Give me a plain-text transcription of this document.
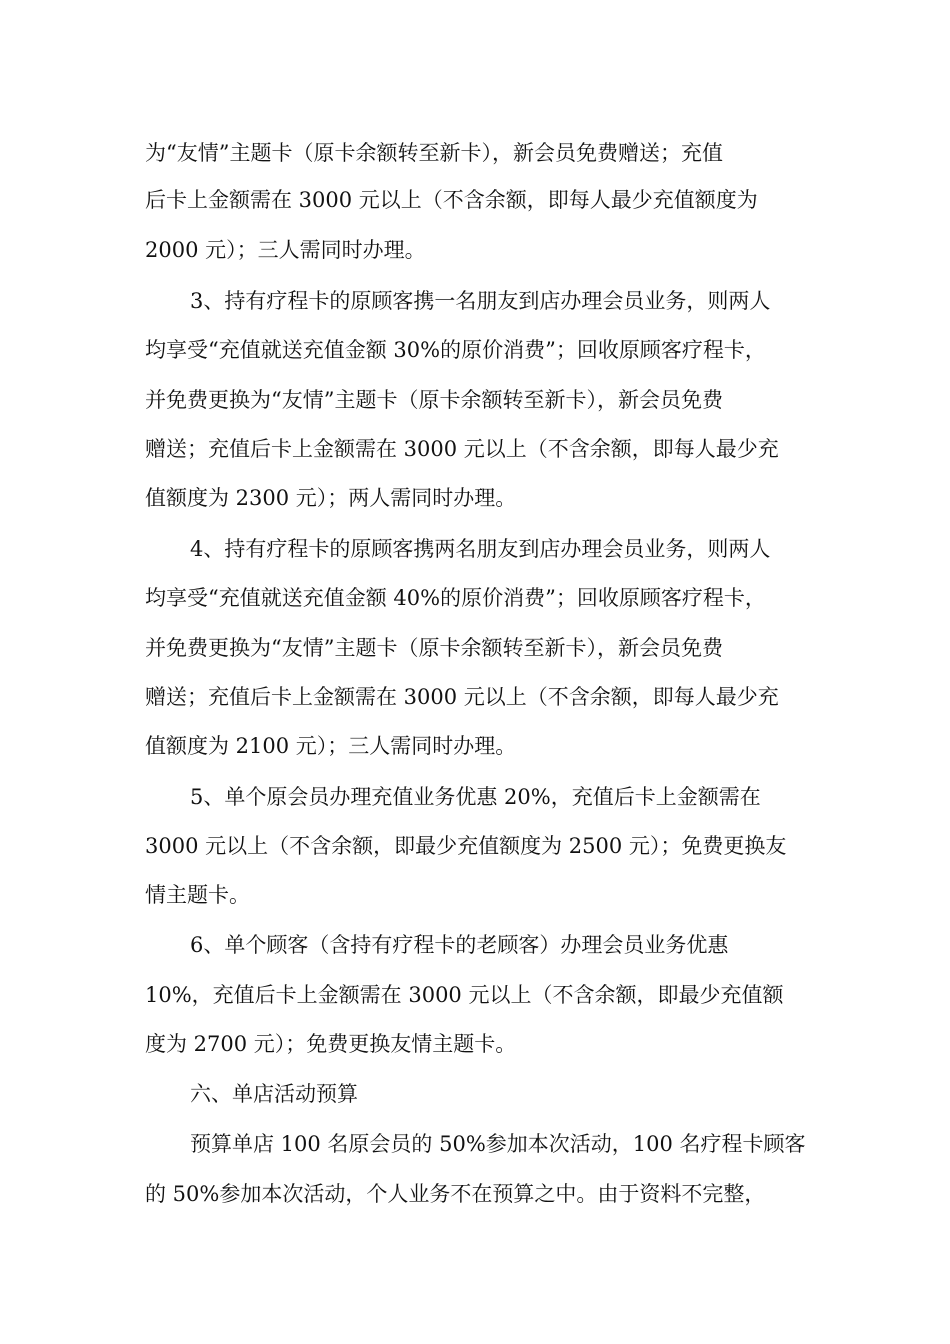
为“友情”主题卡（原卡余额转至新卡），新会员免费赠送；充值
后卡上金额需在 3000 元以上（不含余额，即每人最少充值额度为
2000 元）；三人需同时办理。
3、持有疗程卡的原顾客携一名朋友到店办理会员业务，则两人
均享受“充值就送充值金额 30%的原价消费”；回收原顾客疗程卡，
并免费更换为“友情”主题卡（原卡余额转至新卡），新会员免费
赠送；充值后卡上金额需在 3000 元以上（不含余额，即每人最少充
值额度为 2300 元）；两人需同时办理。
4、持有疗程卡的原顾客携两名朋友到店办理会员业务，则两人
均享受“充值就送充值金额 40%的原价消费”；回收原顾客疗程卡，
并免费更换为“友情”主题卡（原卡余额转至新卡），新会员免费
赠送；充值后卡上金额需在 3000 元以上（不含余额，即每人最少充
值额度为 2100 元）；三人需同时办理。
5、单个原会员办理充值业务优惠 20%，充值后卡上金额需在
3000 元以上（不含余额，即最少充值额度为 2500 元）；免费更换友
情主题卡。
6、单个顾客（含持有疗程卡的老顾客）办理会员业务优惠
10%，充值后卡上金额需在 3000 元以上（不含余额，即最少充值额
度为 2700 元）；免费更换友情主题卡。
六、单店活动预算
预算单店 100 名原会员的 50%参加本次活动，100 名疗程卡顾客
的 50%参加本次活动，个人业务不在预算之中。由于资料不完整，
